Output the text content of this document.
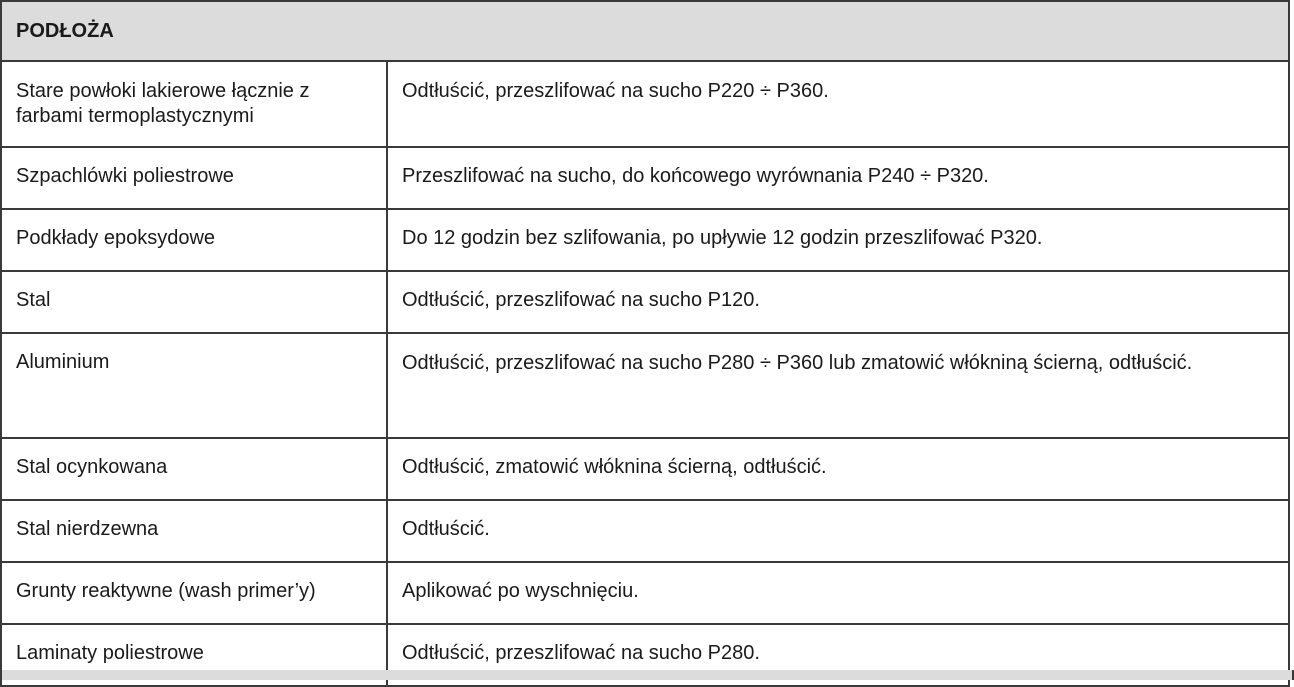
PODŁOŻA	
Stare powłoki lakierowe łącznie z farbami termoplastycznymi	Odtłuścić, przeszlifować na sucho P220 ÷ P360.
Szpachlówki poliestrowe	Przeszlifować na sucho, do końcowego wyrównania P240 ÷ P320.
Podkłady epoksydowe	Do 12 godzin bez szlifowania, po upływie 12 godzin przeszlifować P320.
Stal	Odtłuścić, przeszlifować na sucho P120.
Aluminium	Odtłuścić, przeszlifować na sucho P280 ÷ P360 lub zmatowić włókniną ścierną, odtłuścić.
Stal ocynkowana	Odtłuścić, zmatowić włóknina ścierną, odtłuścić.
Stal nierdzewna	Odtłuścić.
Grunty reaktywne (wash primer’y)	Aplikować po wyschnięciu.
Laminaty poliestrowe	Odtłuścić, przeszlifować na sucho P280.
